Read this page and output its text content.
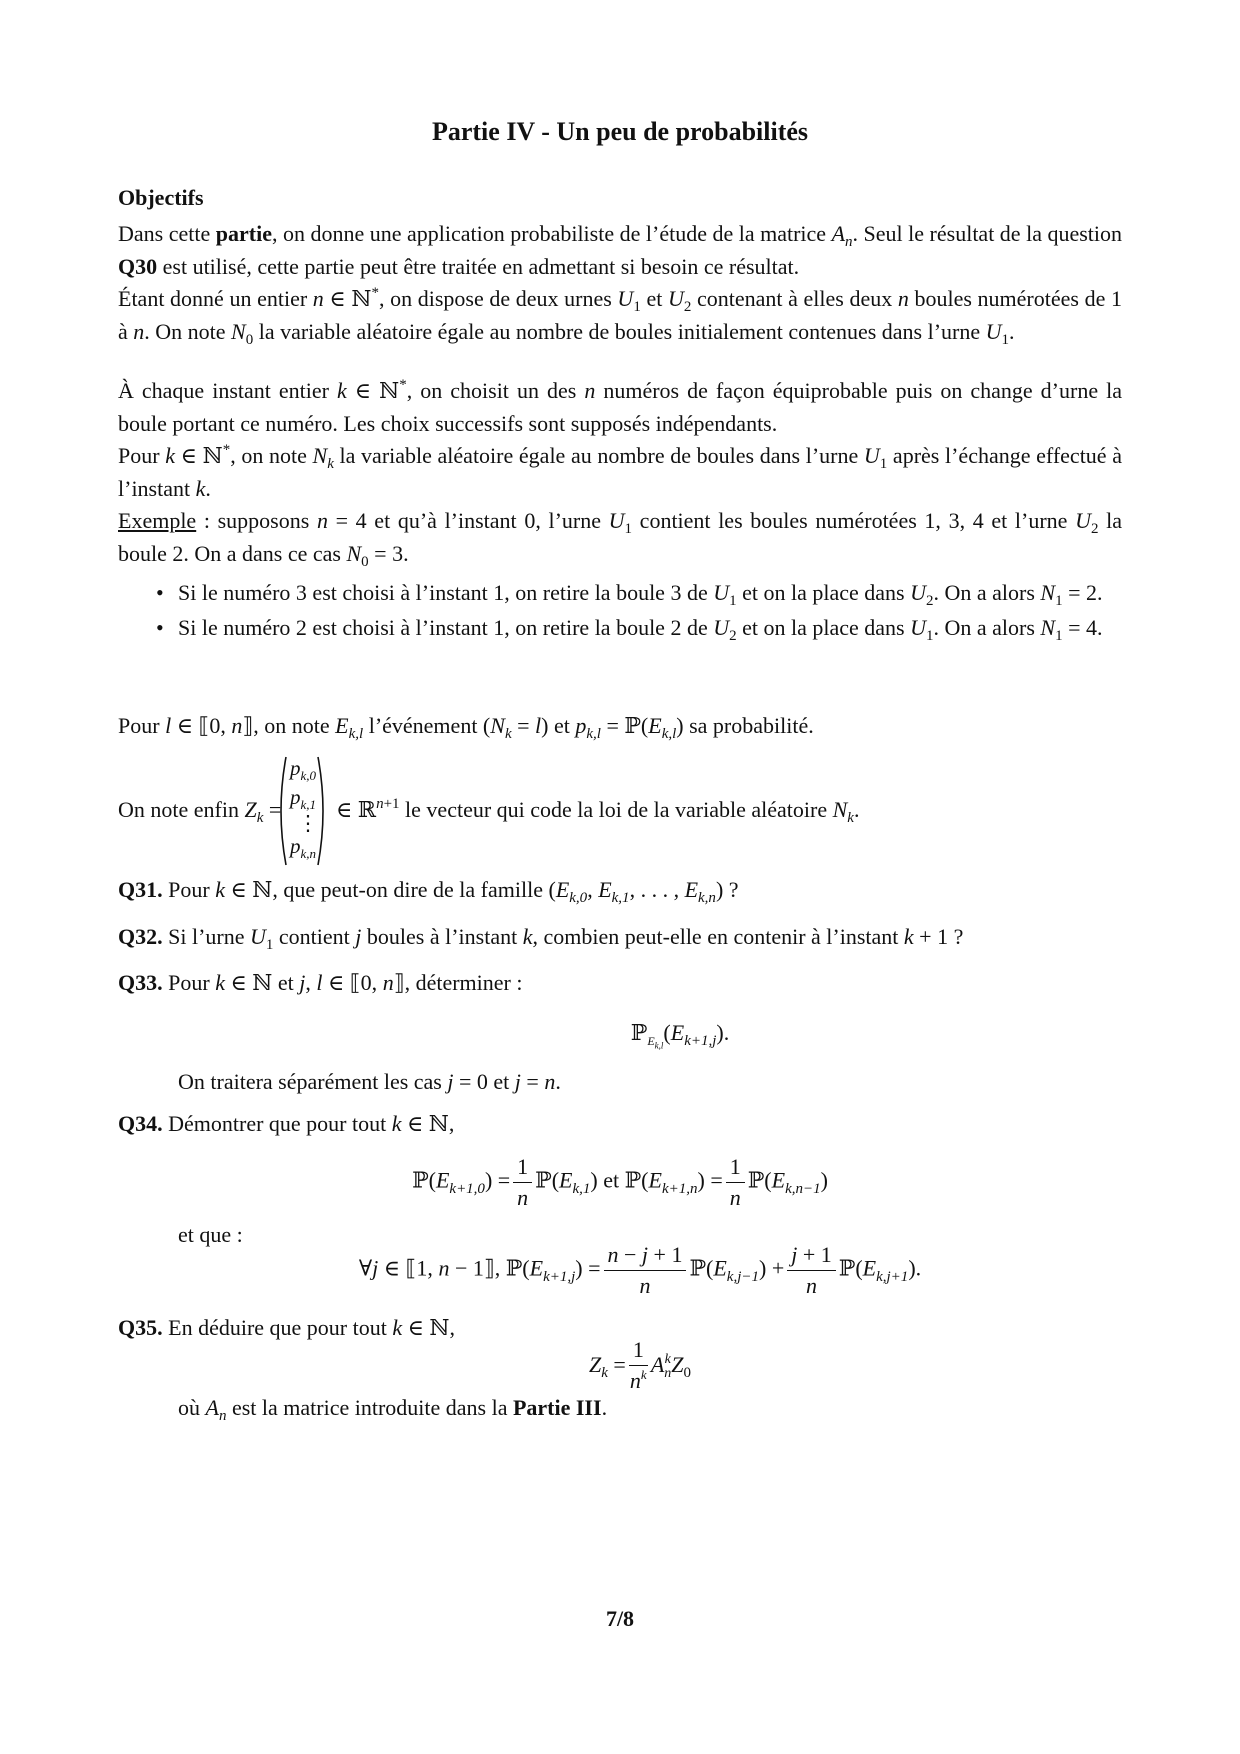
Partie IV - Un peu de probabilités
Objectifs
Dans cette partie, on donne une application probabiliste de l’étude de la matrice $A_n$. Seul le résultat de la question Q30 est utilisé, cette partie peut être traitée en admettant si besoin ce résultat.
Étant donné un entier n ∈ ℕ*, on dispose de deux urnes $U_1$ et $U_2$ contenant à elles deux n boules numérotées de 1 à n. On note $N_0$ la variable aléatoire égale au nombre de boules initialement contenues dans l’urne $U_1$.
À chaque instant entier k ∈ ℕ*, on choisit un des n numéros de façon équiprobable puis on change d’urne la boule portant ce numéro. Les choix successifs sont supposés indépendants.
Pour k ∈ ℕ*, on note $N_k$ la variable aléatoire égale au nombre de boules dans l’urne $U_1$ après l’échange effectué à l’instant k.
Exemple : supposons n = 4 et qu’à l’instant 0, l’urne $U_1$ contient les boules numérotées 1, 3, 4 et l’urne $U_2$ la boule 2. On a dans ce cas $N_0 = 3$.
• Si le numéro 3 est choisi à l’instant 1, on retire la boule 3 de $U_1$ et on la place dans $U_2$. On a alors $N_1 = 2$.
• Si le numéro 2 est choisi à l’instant 1, on retire la boule 2 de $U_2$ et on la place dans $U_1$. On a alors $N_1 = 4$.
Pour l ∈ ⟦0, n⟧, on note $E_{k,l}$ l’événement $(N_k = l)$ et $p_{k,l}$ = $ℙ(E_{k,l})$ sa probabilité.
On note enfin $Z_k$ =
$p_{k,0}$
$p_{k,1}$
⋮
$p_{k,n}$
∈ ℝ$^{n+1}$ le vecteur qui code la loi de la variable aléatoire $N_k$.
Q31. Pour k ∈ ℕ, que peut-on dire de la famille ($E_{k,0}$, $E_{k,1}$, . . . , $E_{k,n}$) ?
Q32. Si l’urne $U_1$ contient j boules à l’instant k, combien peut-elle en contenir à l’instant k + 1 ?
Q33. Pour k ∈ ℕ et j, l ∈ ⟦0, n⟧, déterminer :
$ℙ_{E_{k,l}}(E_{k+1,j})$.
On traitera séparément les cas j = 0 et j = n.
Q34. Démontrer que pour tout k ∈ ℕ,
$ℙ(E_{k+1,0}) = \frac{1}{n}$ $ℙ(E_{k,1})$ et $ℙ(E_{k+1,n}) = \frac{1}{n}$ $ℙ(E_{k,n-1})$
et que :
∀j ∈ ⟦1, n − 1⟧, $ℙ(E_{k+1,j}) = \frac{n - j + 1}{n}$ $ℙ(E_{k,j-1}) + \frac{j + 1}{n}$ $ℙ(E_{k,j+1})$.
Q35. En déduire que pour tout k ∈ ℕ,
$Z_k = \frac{1}{n^k}$ A k
n $Z_0$
où $A_n$ est la matrice introduite dans la Partie III.
7/8
